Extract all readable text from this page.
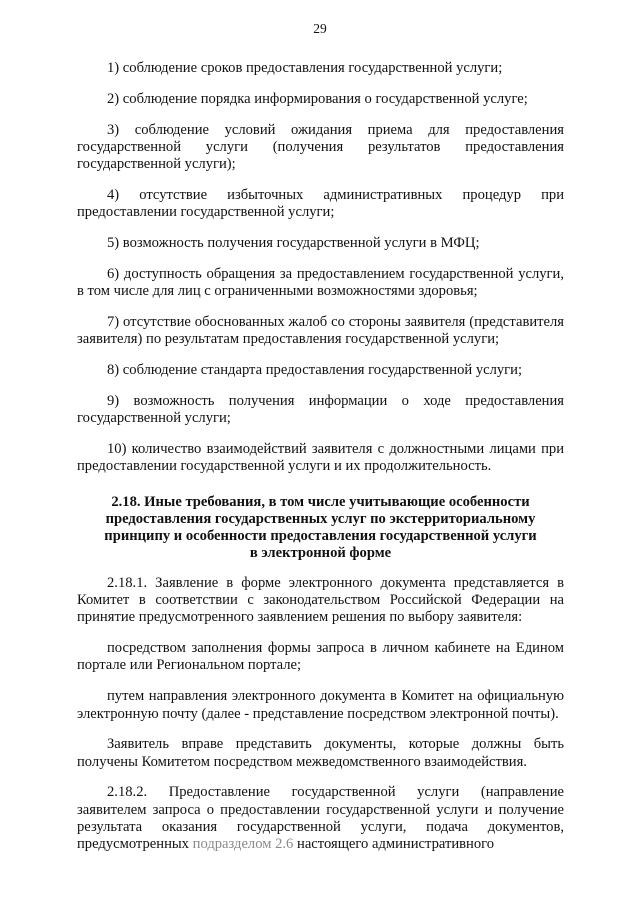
29

1) соблюдение сроков предоставления государственной услуги;

2) соблюдение порядка информирования о государственной услуге;

3) соблюдение условий ожидания приема для предоставления государственной услуги (получения результатов предоставления государственной услуги);

4) отсутствие избыточных административных процедур при предоставлении государственной услуги;

5) возможность получения государственной услуги в МФЦ;

6) доступность обращения за предоставлением государственной услуги, в том числе для лиц с ограниченными возможностями здоровья;

7) отсутствие обоснованных жалоб со стороны заявителя (представителя заявителя) по результатам предоставления государственной услуги;

8) соблюдение стандарта предоставления государственной услуги;

9) возможность получения информации о ходе предоставления государственной услуги;

10) количество взаимодействий заявителя с должностными лицами при предоставлении государственной услуги и их продолжительность.

2.18. Иные требования, в том числе учитывающие особенности
предоставления государственных услуг по экстерриториальному
принципу и особенности предоставления государственной услуги
в электронной форме

2.18.1. Заявление в форме электронного документа представляется в Комитет в соответствии с законодательством Российской Федерации на принятие предусмотренного заявлением решения по выбору заявителя:

посредством заполнения формы запроса в личном кабинете на Едином портале или Региональном портале;

путем направления электронного документа в Комитет на официальную электронную почту (далее - представление посредством электронной почты).

Заявитель вправе представить документы, которые должны быть получены Комитетом посредством межведомственного взаимодействия.

2.18.2. Предоставление государственной услуги (направление заявителем запроса о предоставлении государственной услуги и получение результата оказания государственной услуги, подача документов, предусмотренных подразделом 2.6 настоящего административного
